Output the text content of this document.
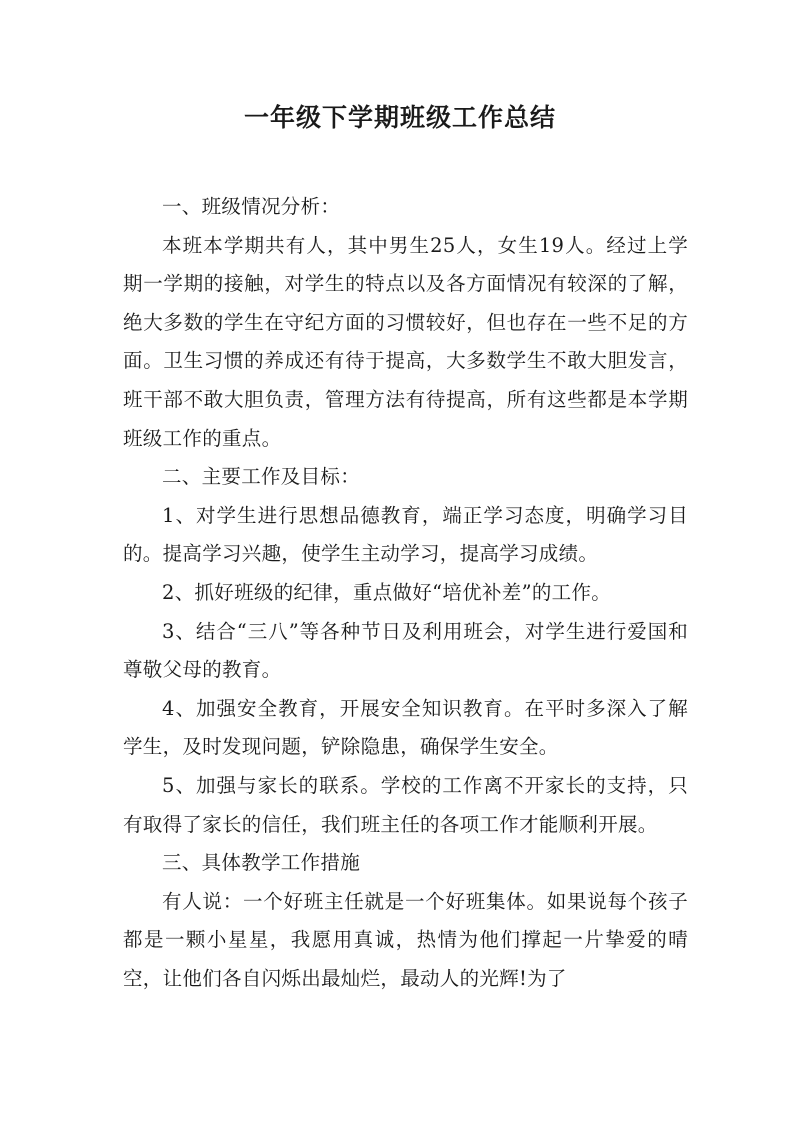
一年级下学期班级工作总结

一、班级情况分析：

本班本学期共有人，其中男生25人，女生19人。经过上学期一学期的接触，对学生的特点以及各方面情况有较深的了解，绝大多数的学生在守纪方面的习惯较好，但也存在一些不足的方面。卫生习惯的养成还有待于提高，大多数学生不敢大胆发言，班干部不敢大胆负责，管理方法有待提高，所有这些都是本学期班级工作的重点。

二、主要工作及目标：

1、对学生进行思想品德教育，端正学习态度，明确学习目的。提高学习兴趣，使学生主动学习，提高学习成绩。

2、抓好班级的纪律，重点做好“培优补差”的工作。

3、结合“三八”等各种节日及利用班会，对学生进行爱国和尊敬父母的教育。

4、加强安全教育，开展安全知识教育。在平时多深入了解学生，及时发现问题，铲除隐患，确保学生安全。

5、加强与家长的联系。学校的工作离不开家长的支持，只有取得了家长的信任，我们班主任的各项工作才能顺利开展。

三、具体教学工作措施

有人说：一个好班主任就是一个好班集体。如果说每个孩子都是一颗小星星，我愿用真诚，热情为他们撑起一片挚爱的晴空，让他们各自闪烁出最灿烂，最动人的光辉!为了
